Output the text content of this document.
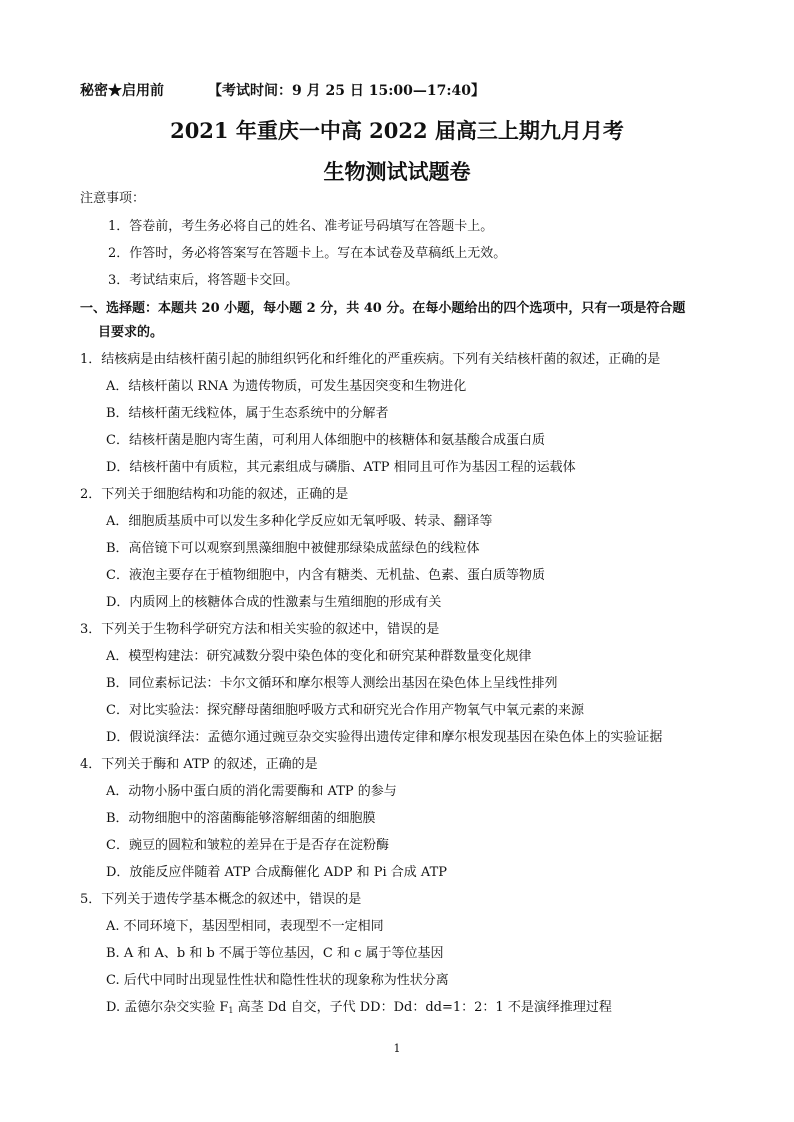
秘密★启用前	【考试时间：9 月 25 日 15:00—17:40】
2021 年重庆一中高 2022 届高三上期九月月考
生物测试试题卷
注意事项：
1．答卷前，考生务必将自己的姓名、准考证号码填写在答题卡上。
2．作答时，务必将答案写在答题卡上。写在本试卷及草稿纸上无效。
3．考试结束后，将答题卡交回。
一、选择题：本题共 20 小题，每小题 2 分，共 40 分。在每小题给出的四个选项中，只有一项是符合题
目要求的。
1．结核病是由结核杆菌引起的肺组织钙化和纤维化的严重疾病。下列有关结核杆菌的叙述，正确的是
A．结核杆菌以 RNA 为遗传物质，可发生基因突变和生物进化
B．结核杆菌无线粒体，属于生态系统中的分解者
C．结核杆菌是胞内寄生菌，可利用人体细胞中的核糖体和氨基酸合成蛋白质
D．结核杆菌中有质粒，其元素组成与磷脂、ATP 相同且可作为基因工程的运载体
2．下列关于细胞结构和功能的叙述，正确的是
A．细胞质基质中可以发生多种化学反应如无氧呼吸、转录、翻译等
B．高倍镜下可以观察到黑藻细胞中被健那绿染成蓝绿色的线粒体
C．液泡主要存在于植物细胞中，内含有糖类、无机盐、色素、蛋白质等物质
D．内质网上的核糖体合成的性激素与生殖细胞的形成有关
3．下列关于生物科学研究方法和相关实验的叙述中，错误的是
A．模型构建法：研究减数分裂中染色体的变化和研究某种群数量变化规律
B．同位素标记法：卡尔文循环和摩尔根等人测绘出基因在染色体上呈线性排列
C．对比实验法：探究酵母菌细胞呼吸方式和研究光合作用产物氧气中氧元素的来源
D．假说演绎法：孟德尔通过豌豆杂交实验得出遗传定律和摩尔根发现基因在染色体上的实验证据
4．下列关于酶和 ATP 的叙述，正确的是
A．动物小肠中蛋白质的消化需要酶和 ATP 的参与
B．动物细胞中的溶菌酶能够溶解细菌的细胞膜
C．豌豆的圆粒和皱粒的差异在于是否存在淀粉酶
D．放能反应伴随着 ATP 合成酶催化 ADP 和 Pi 合成 ATP
5．下列关于遗传学基本概念的叙述中，错误的是
A. 不同环境下，基因型相同，表现型不一定相同
B. A 和 A、b 和 b 不属于等位基因，C 和 c 属于等位基因
C. 后代中同时出现显性性状和隐性性状的现象称为性状分离
D. 孟德尔杂交实验 $F_1$ 高茎 Dd 自交，子代 DD：Dd：dd=1：2：1 不是演绎推理过程
1
